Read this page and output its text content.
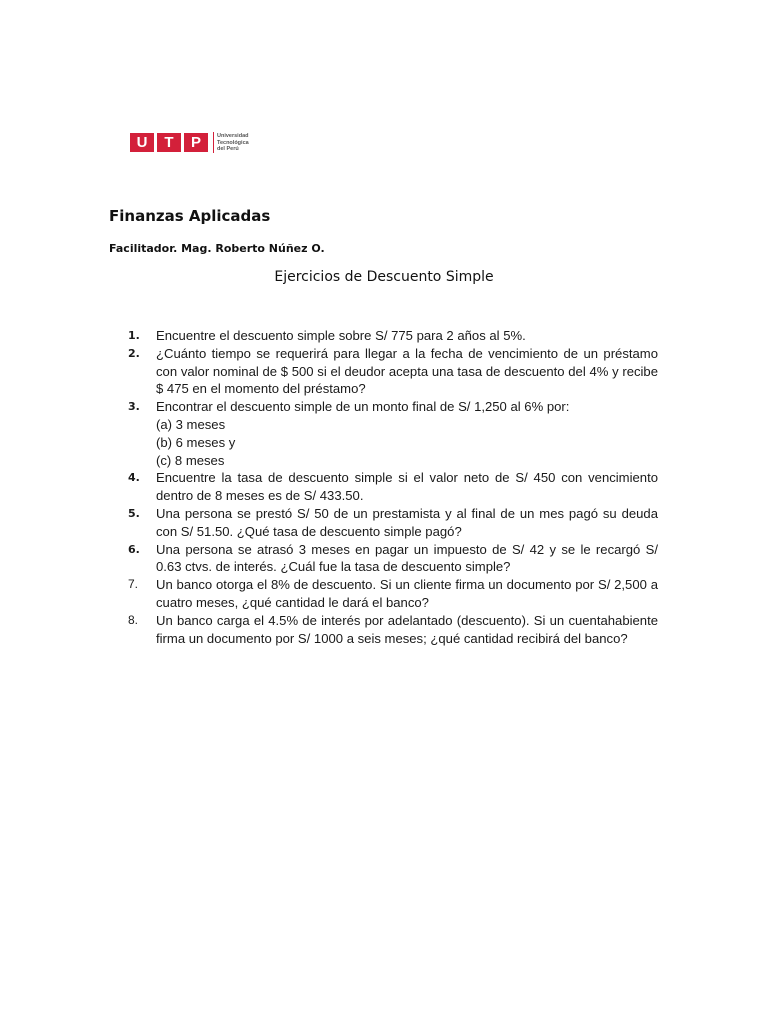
U	T	P	Universidad
Tecnológica
del Perú
Finanzas Aplicadas
Facilitador. Mag. Roberto Núñez O.
Ejercicios de Descuento Simple
1.	Encuentre el descuento simple sobre S/ 775 para 2 años al 5%.
2.	¿Cuánto tiempo se requerirá para llegar a la fecha de vencimiento de un préstamo con valor nominal de $ 500 si el deudor acepta una tasa de descuento del 4% y recibe $ 475 en el momento del préstamo?
3.	Encontrar el descuento simple de un monto final de S/ 1,250 al 6% por:
(a) 3 meses
(b) 6 meses y
(c) 8 meses
4.	Encuentre la tasa de descuento simple si el valor neto de S/ 450 con vencimiento dentro de 8 meses es de S/ 433.50.
5.	Una persona se prestó S/ 50 de un prestamista y al final de un mes pagó su deuda con S/ 51.50. ¿Qué tasa de descuento simple pagó?
6.	Una persona se atrasó 3 meses en pagar un impuesto de S/ 42 y se le recargó S/ 0.63 ctvs. de interés. ¿Cuál fue la tasa de descuento simple?
7.	Un banco otorga el 8% de descuento. Si un cliente firma un documento por S/ 2,500 a cuatro meses, ¿qué cantidad le dará el banco?
8.	Un banco carga el 4.5% de interés por adelantado (descuento). Si un cuentahabiente firma un documento por S/ 1000 a seis meses; ¿qué cantidad recibirá del banco?
